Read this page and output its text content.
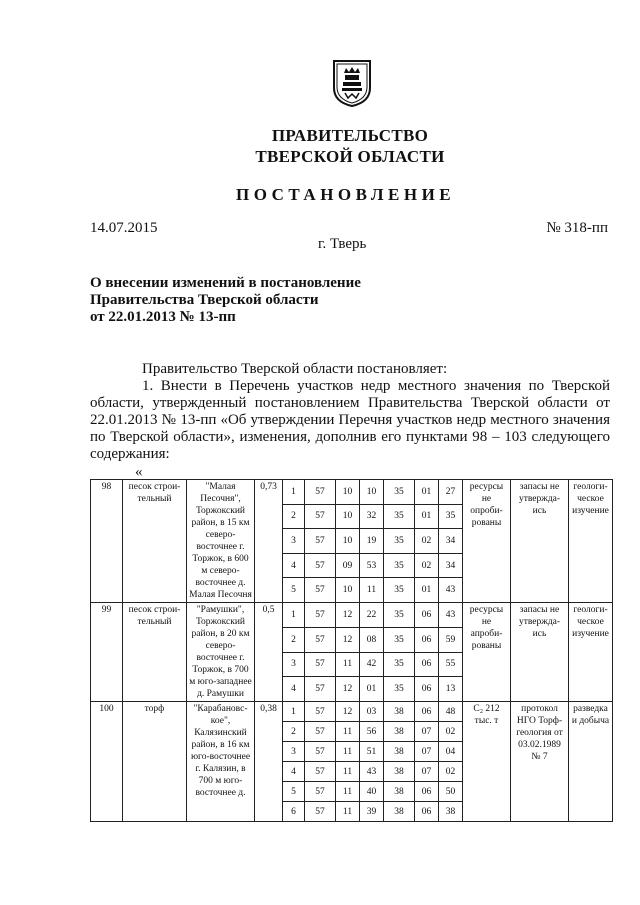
ПРАВИТЕЛЬСТВО
ТВЕРСКОЙ ОБЛАСТИ
ПОСТАНОВЛЕНИЕ
14.07.2015	№ 318-пп
г. Тверь
О внесении изменений в постановление
Правительства Тверской области
от 22.01.2013 № 13-пп
Правительство Тверской области постановляет:
1. Внести в Перечень участков недр местного значения по Тверской области, утвержденный постановлением Правительства Тверской области от 22.01.2013 № 13-пп «Об утверждении Перечня участков недр местного значения по Тверской области», изменения, дополнив его пунктами 98 – 103 следующего содержания:
«
98	песок строи-тельный	"Малая Песочня", Торжокский район, в 15 км северо-восточнее г. Торжок, в 600 м северо-восточнее д. Малая Песочня	0,73	1	57	10	10	35	01	27	ресурсы не опроби-рованы	запасы не утвержда-ись	геологи-ческое изучение
				2	57	10	32	35	01	35			
				3	57	10	19	35	02	34			
				4	57	09	53	35	02	34			
				5	57	10	11	35	01	43			
99	песок строи-тельный	"Рамушки", Торжокский район, в 20 км северо-восточнее г. Торжок, в 700 м юго-западнее д. Рамушки	0,5	1	57	12	22	35	06	43	ресурсы не апроби-рованы	запасы не утвержда-ись	геологи-ческое изучение
				2	57	12	08	35	06	59			
				3	57	11	42	35	06	55			
				4	57	12	01	35	06	13			
100	торф	"Карабановс-кое", Калязинский район, в 16 км юго-восточнее г. Калязин, в 700 м юго-восточнее д.	0,38	1	57	12	03	38	06	48	С₂ 212 тыс. т	протокол НГО Торф-геология от 03.02.1989 № 7	разведка и добыча
				2	57	11	56	38	07	02			
				3	57	11	51	38	07	04			
				4	57	11	43	38	07	02			
				5	57	11	40	38	06	50			
				6	57	11	39	38	06	38			
